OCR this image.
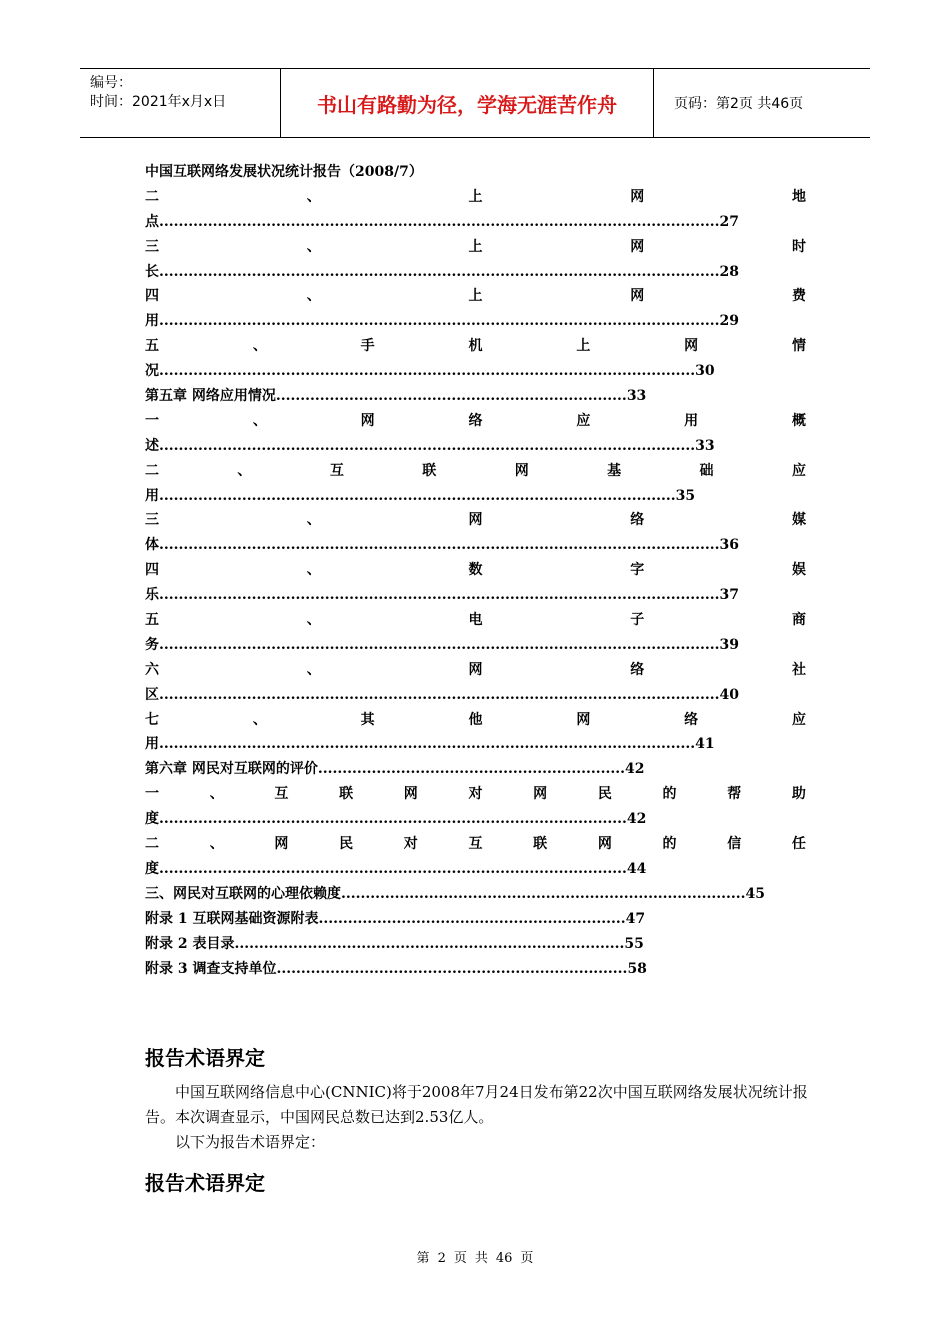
编号：
时间：2021年x月x日	书山有路勤为径，学海无涯苦作舟	页码：第2页 共46页
中国互联网络发展状况统计报告（2008/7）
二	、	上	网	地
点 ................................................................................................................... 27
三	、	上	网	时
长 ................................................................................................................... 28
四	、	上	网	费
用 ................................................................................................................... 29
五	、	手	机	上	网	情
况 .............................................................................................................. 30
第五章 网络应用情况 ........................................................................ 33
一	、	网	络	应	用	概
述 .............................................................................................................. 33
二	、	互	联	网	基	础	应
用 .......................................................................................................... 35
三	、	网	络	媒
体 ................................................................................................................... 36
四	、	数	字	娱
乐 ................................................................................................................... 37
五	、	电	子	商
务 ................................................................................................................... 39
六	、	网	络	社
区 ................................................................................................................... 40
七	、	其	他	网	络	应
用 .............................................................................................................. 41
第六章 网民对互联网的评价 ............................................................... 42
一	、	互	联	网	对	网	民	的	帮	助
度 ................................................................................................ 42
二	、	网	民	对	互	联	网	的	信	任
度 ................................................................................................ 44
三、网民对互联网的心理依赖度 ................................................................................... 45
附录 1 互联网基础资源附表 ............................................................... 47
附录 2 表目录 ................................................................................ 55
附录 3 调查支持单位 ........................................................................ 58
报告术语界定
中国互联网络信息中心(CNNIC)将于2008年7月24日发布第22次中国互联网络发展状况统计报告。本次调查显示，中国网民总数已达到2.53亿人。
以下为报告术语界定：
报告术语界定
第 2 页 共 46 页
